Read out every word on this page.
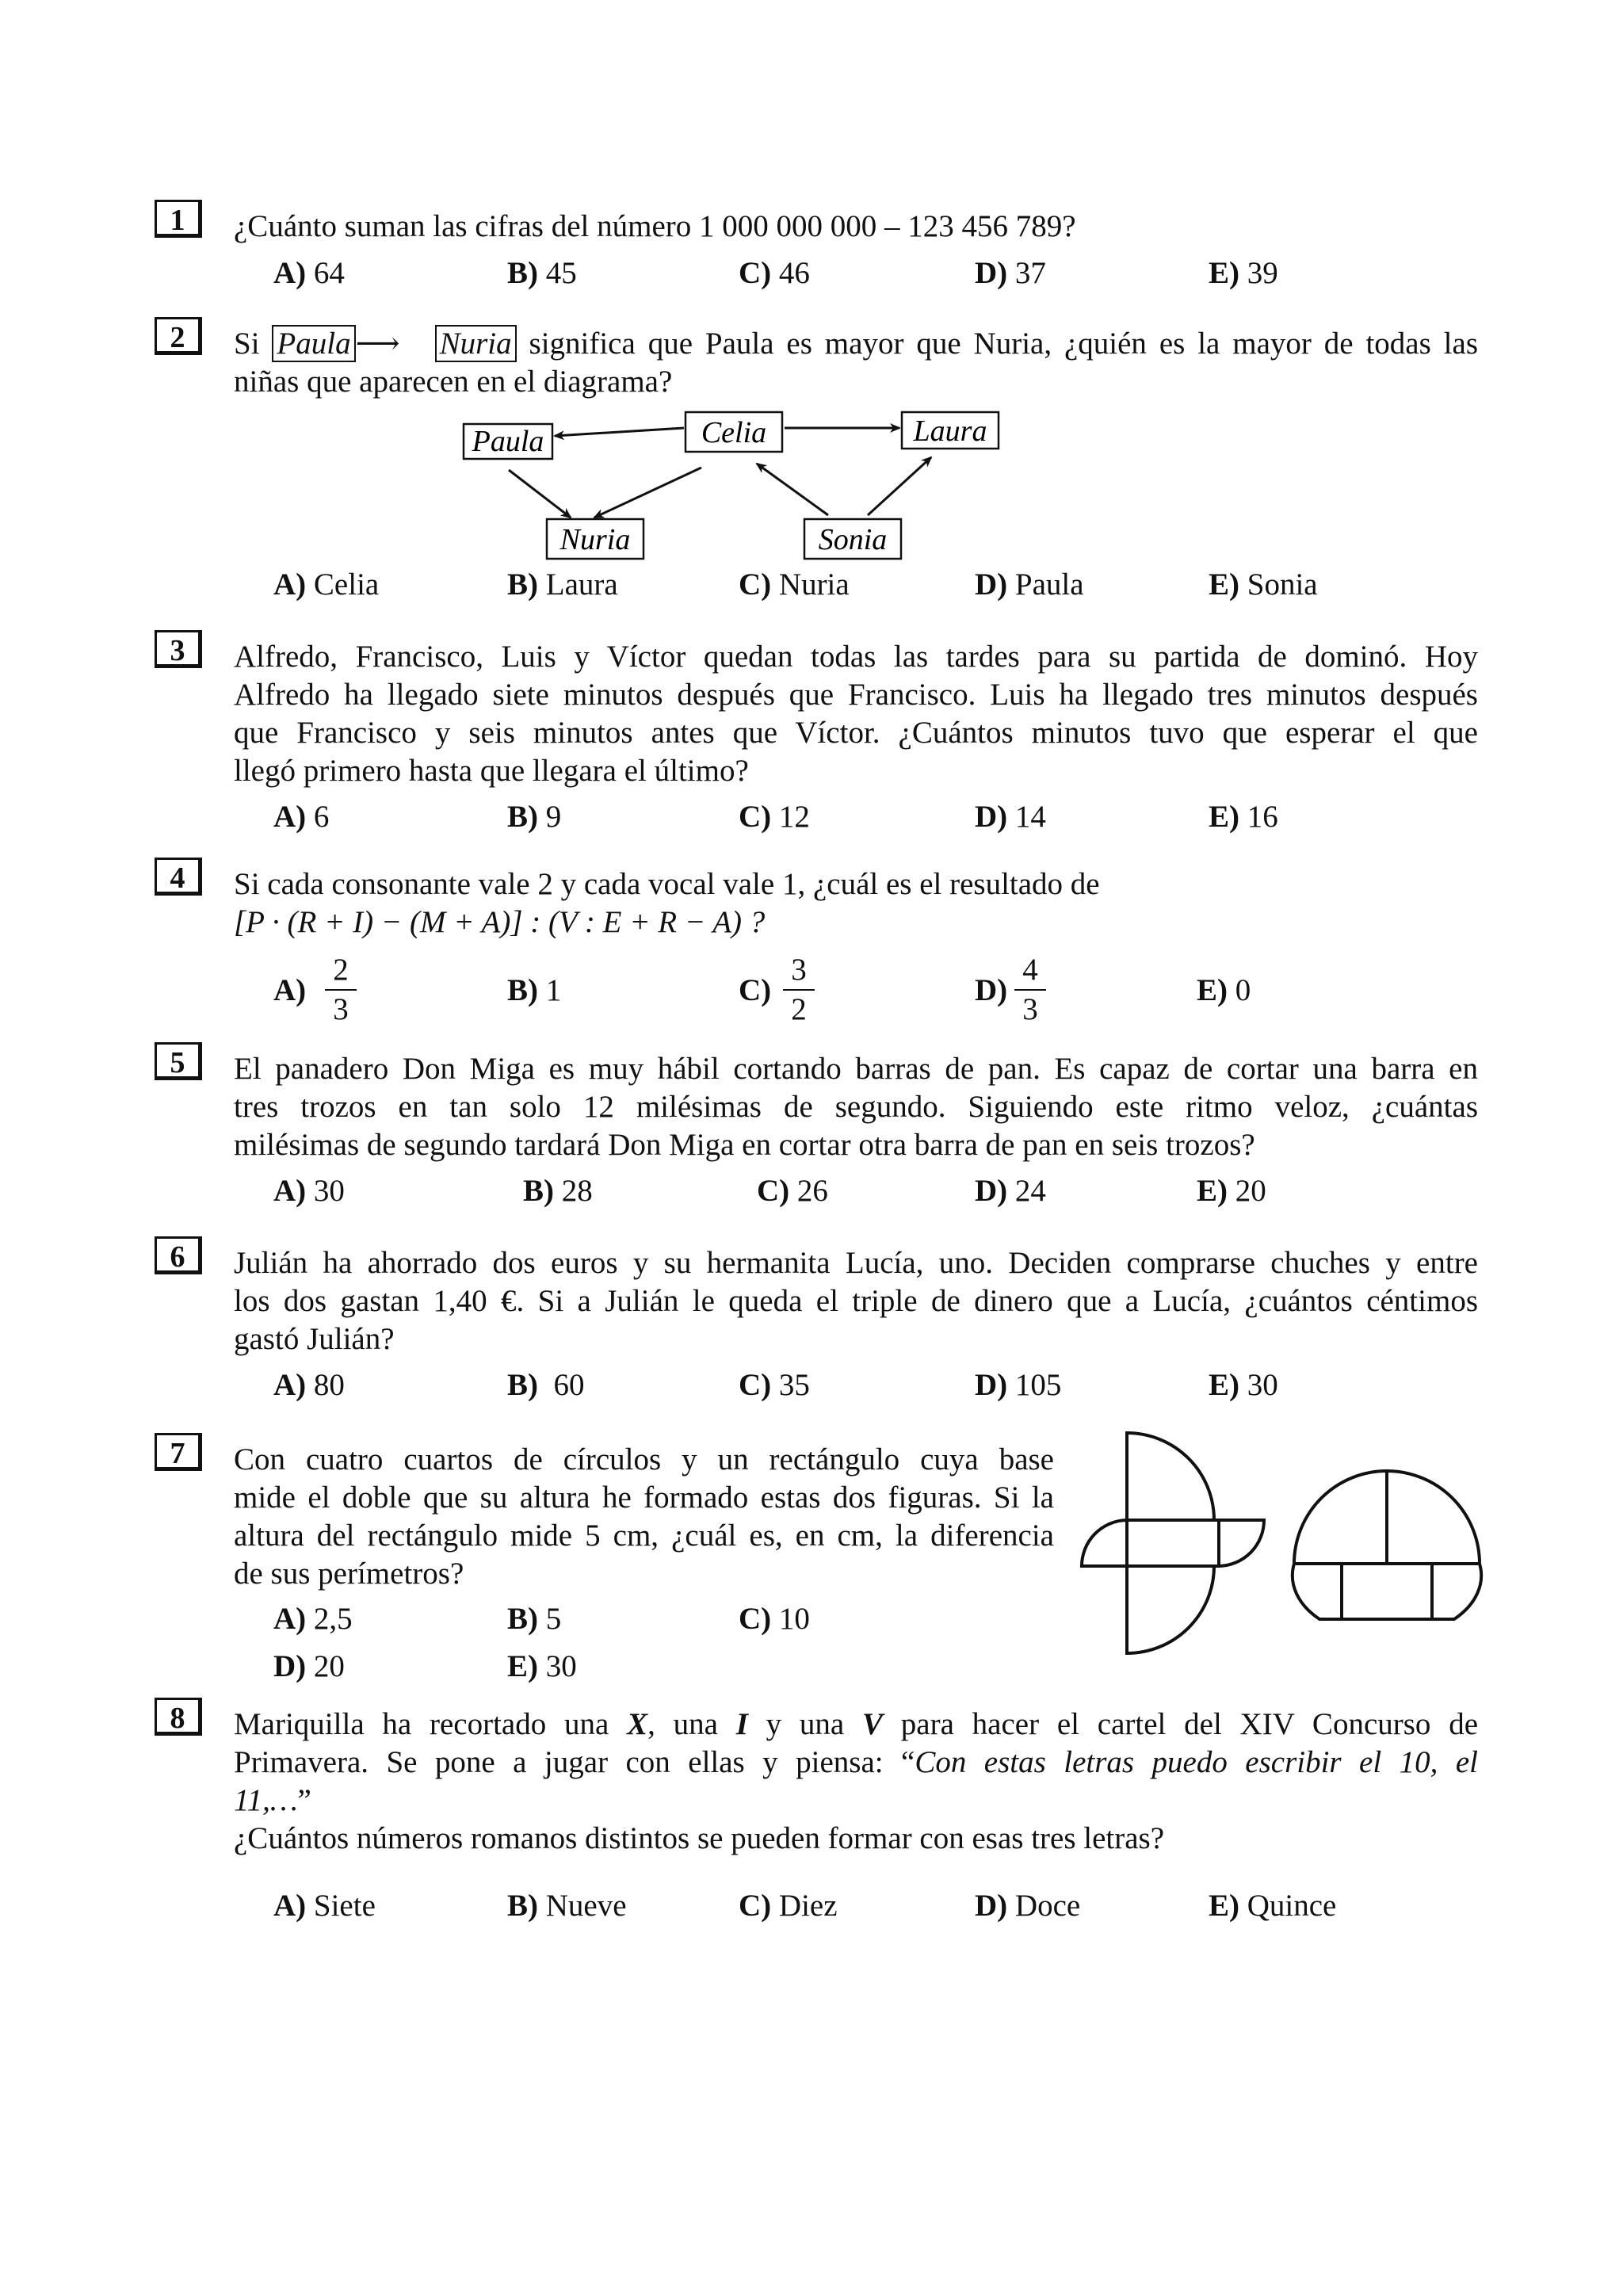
1	¿Cuánto suman las cifras del número 1 000 000 000 – 123 456 789?
A) 64	B) 45	C) 46	D) 37	E) 39
2	Si Paula ⟶ Nuria significa que Paula es mayor que Nuria, ¿quién es la mayor de todas las
niñas que aparecen en el diagrama?
Paula	Celia	Laura
Nuria	Sonia
A) Celia	B) Laura	C) Nuria	D) Paula	E) Sonia
3	Alfredo, Francisco, Luis y Víctor quedan todas las tardes para su partida de dominó. Hoy
Alfredo ha llegado siete minutos después que Francisco. Luis ha llegado tres minutos después
que Francisco y seis minutos antes que Víctor. ¿Cuántos minutos tuvo que esperar el que
llegó primero hasta que llegara el último?
A) 6	B) 9	C) 12	D) 14	E) 16
4	Si cada consonante vale 2 y cada vocal vale 1, ¿cuál es el resultado de
[P · (R + I) − (M + A)] : (V : E + R − A) ?
A)
2
3
B) 1	C)
3
2
D)
4
3
E) 0
5	El panadero Don Miga es muy hábil cortando barras de pan. Es capaz de cortar una barra en
tres trozos en tan solo 12 milésimas de segundo. Siguiendo este ritmo veloz, ¿cuántas
milésimas de segundo tardará Don Miga en cortar otra barra de pan en seis trozos?
A) 30	B) 28	C) 26	D) 24	E) 20
6	Julián ha ahorrado dos euros y su hermanita Lucía, uno. Deciden comprarse chuches y entre
los dos gastan 1,40 €. Si a Julián le queda el triple de dinero que a Lucía, ¿cuántos céntimos
gastó Julián?
A) 80	B)  60	C) 35	D) 105	E) 30
7	Con cuatro cuartos de círculos y un rectángulo cuya base
mide el doble que su altura he formado estas dos figuras. Si la
altura del rectángulo mide 5 cm, ¿cuál es, en cm, la diferencia
de sus perímetros?
A) 2,5	B) 5	C) 10
D) 20	E) 30
8	Mariquilla ha recortado una X, una I y una V para hacer el cartel del XIV Concurso de
Primavera. Se pone a jugar con ellas y piensa: “Con estas letras puedo escribir el 10, el
11,…”
¿Cuántos números romanos distintos se pueden formar con esas tres letras?
A) Siete	B) Nueve	C) Diez	D) Doce	E) Quince
